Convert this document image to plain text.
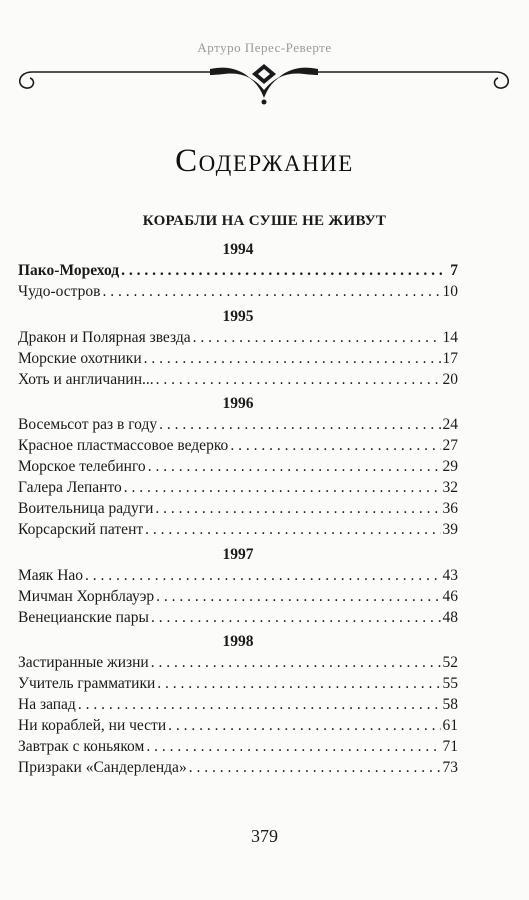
Артуро Перес-Реверте
Содержание
КОРАБЛИ НА СУШЕ НЕ ЖИВУТ
1994
Пако-Мореход . . .	7
Чудо-остров . . .	10
1995
Дракон и Полярная звезда . . .	14
Морские охотники . . .	17
Хоть и англичанин... . . .	20
1996
Восемьсот раз в году . . .	24
Красное пластмассовое ведерко . . .	27
Морское телебинго . . .	29
Галера Лепанто . . .	32
Воительница радуги . . .	36
Корсарский патент . . .	39
1997
Маяк Нао . . .	43
Мичман Хорнблауэр . . .	46
Венецианские пары . . .	48
1998
Застиранные жизни . . .	52
Учитель грамматики . . .	55
На запад . . .	58
Ни кораблей, ни чести . . .	61
Завтрак с коньяком . . .	71
Призраки «Сандерленда» . . .	73
379
